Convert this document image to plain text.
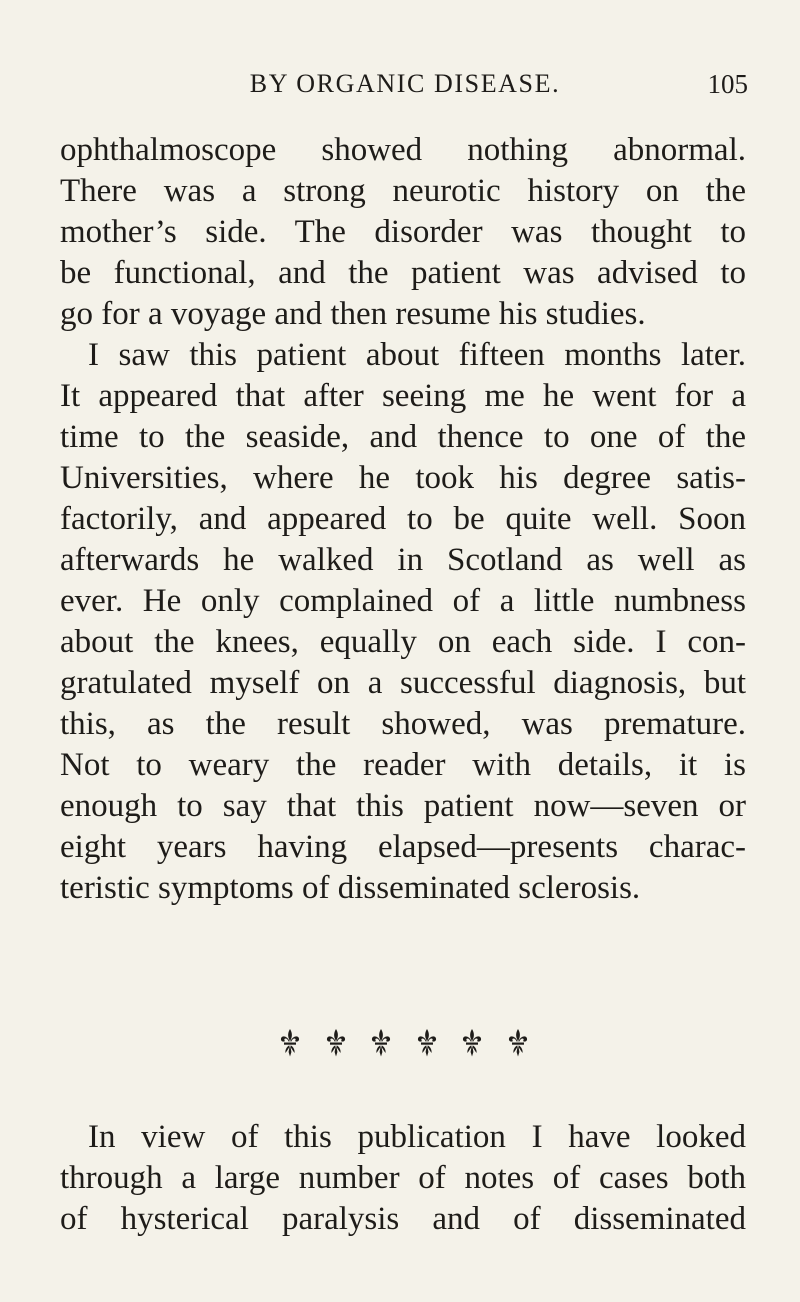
BY ORGANIC DISEASE.	105
ophthalmoscope showed nothing abnormal.
There was a strong neurotic history on the
mother’s side. The disorder was thought to
be functional, and the patient was advised to
go for a voyage and then resume his studies.
I saw this patient about fifteen months later.
It appeared that after seeing me he went for a
time to the seaside, and thence to one of the
Universities, where he took his degree satis-
factorily, and appeared to be quite well. Soon
afterwards he walked in Scotland as well as
ever. He only complained of a little numbness
about the knees, equally on each side. I con-
gratulated myself on a successful diagnosis, but
this, as the result showed, was premature.
Not to weary the reader with details, it is
enough to say that this patient now—seven or
eight years having elapsed—presents charac-
teristic symptoms of disseminated sclerosis.
In view of this publication I have looked
through a large number of notes of cases both
of hysterical paralysis and of disseminated
